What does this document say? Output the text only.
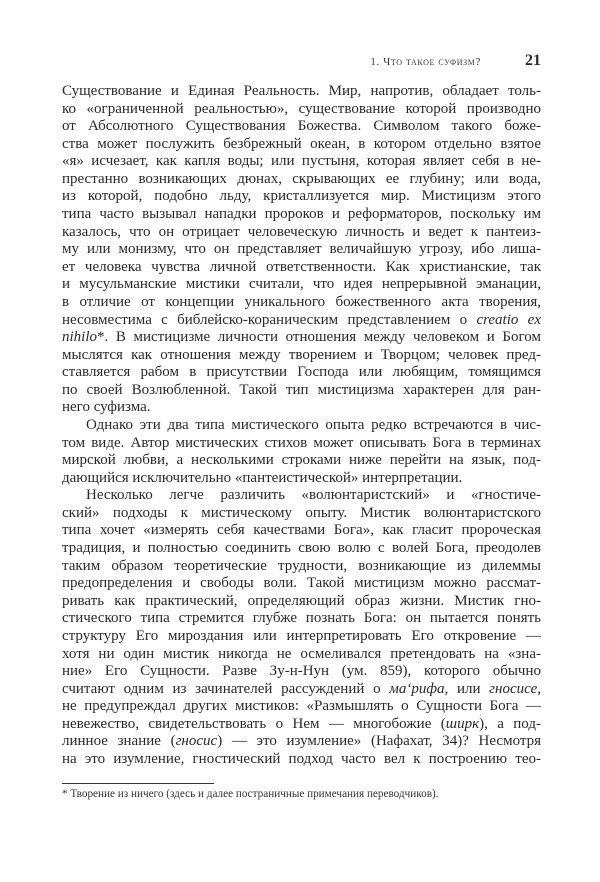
1. Что такое суфизм?	21
Существование и Единая Реальность. Мир, напротив, обладает толь-
ко «ограниченной реальностью», существование которой производно
от Абсолютного Существования Божества. Символом такого боже-
ства может послужить безбрежный океан, в котором отдельно взятое
«я» исчезает, как капля воды; или пустыня, которая являет себя в не-
престанно возникающих дюнах, скрывающих ее глубину; или вода,
из которой, подобно льду, кристаллизуется мир. Мистицизм этого
типа часто вызывал нападки пророков и реформаторов, поскольку им
казалось, что он отрицает человеческую личность и ведет к пантеиз-
му или монизму, что он представляет величайшую угрозу, ибо лиша-
ет человека чувства личной ответственности. Как христианские, так
и мусульманские мистики считали, что идея непрерывной эманации,
в отличие от концепции уникального божественного акта творения,
несовместима с библейско-кораническим представлением о creatio ex
nihilo*. В мистицизме личности отношения между человеком и Богом
мыслятся как отношения между творением и Творцом; человек пред-
ставляется рабом в присутствии Господа или любящим, томящимся
по своей Возлюбленной. Такой тип мистицизма характерен для ран-
него суфизма.
Однако эти два типа мистического опыта редко встречаются в чис-
том виде. Автор мистических стихов может описывать Бога в терминах
мирской любви, а несколькими строками ниже перейти на язык, под-
дающийся исключительно «пантеистической» интерпретации.
Несколько легче различить «волюнтаристский» и «гностиче-
ский» подходы к мистическому опыту. Мистик волюнтаристского
типа хочет «измерять себя качествами Бога», как гласит пророческая
традиция, и полностью соединить свою волю с волей Бога, преодолев
таким образом теоретические трудности, возникающие из дилеммы
предопределения и свободы воли. Такой мистицизм можно рассмат-
ривать как практический, определяющий образ жизни. Мистик гно-
стического типа стремится глубже познать Бога: он пытается понять
структуру Его мироздания или интерпретировать Его откровение —
хотя ни один мистик никогда не осмеливался претендовать на «зна-
ние» Его Сущности. Разве Зу-н-Нун (ум. 859), которого обычно
считают одним из зачинателей рассуждений о ма‘рифа, или гносисе,
не предупреждал других мистиков: «Размышлять о Сущности Бога —
невежество, свидетельствовать о Нем — многобожие (ширк), а под-
линное знание (гносис) — это изумление» (Нафахат, 34)? Несмотря
на это изумление, гностический подход часто вел к построению тео-
* Творение из ничего (здесь и далее постраничные примечания переводчиков).
